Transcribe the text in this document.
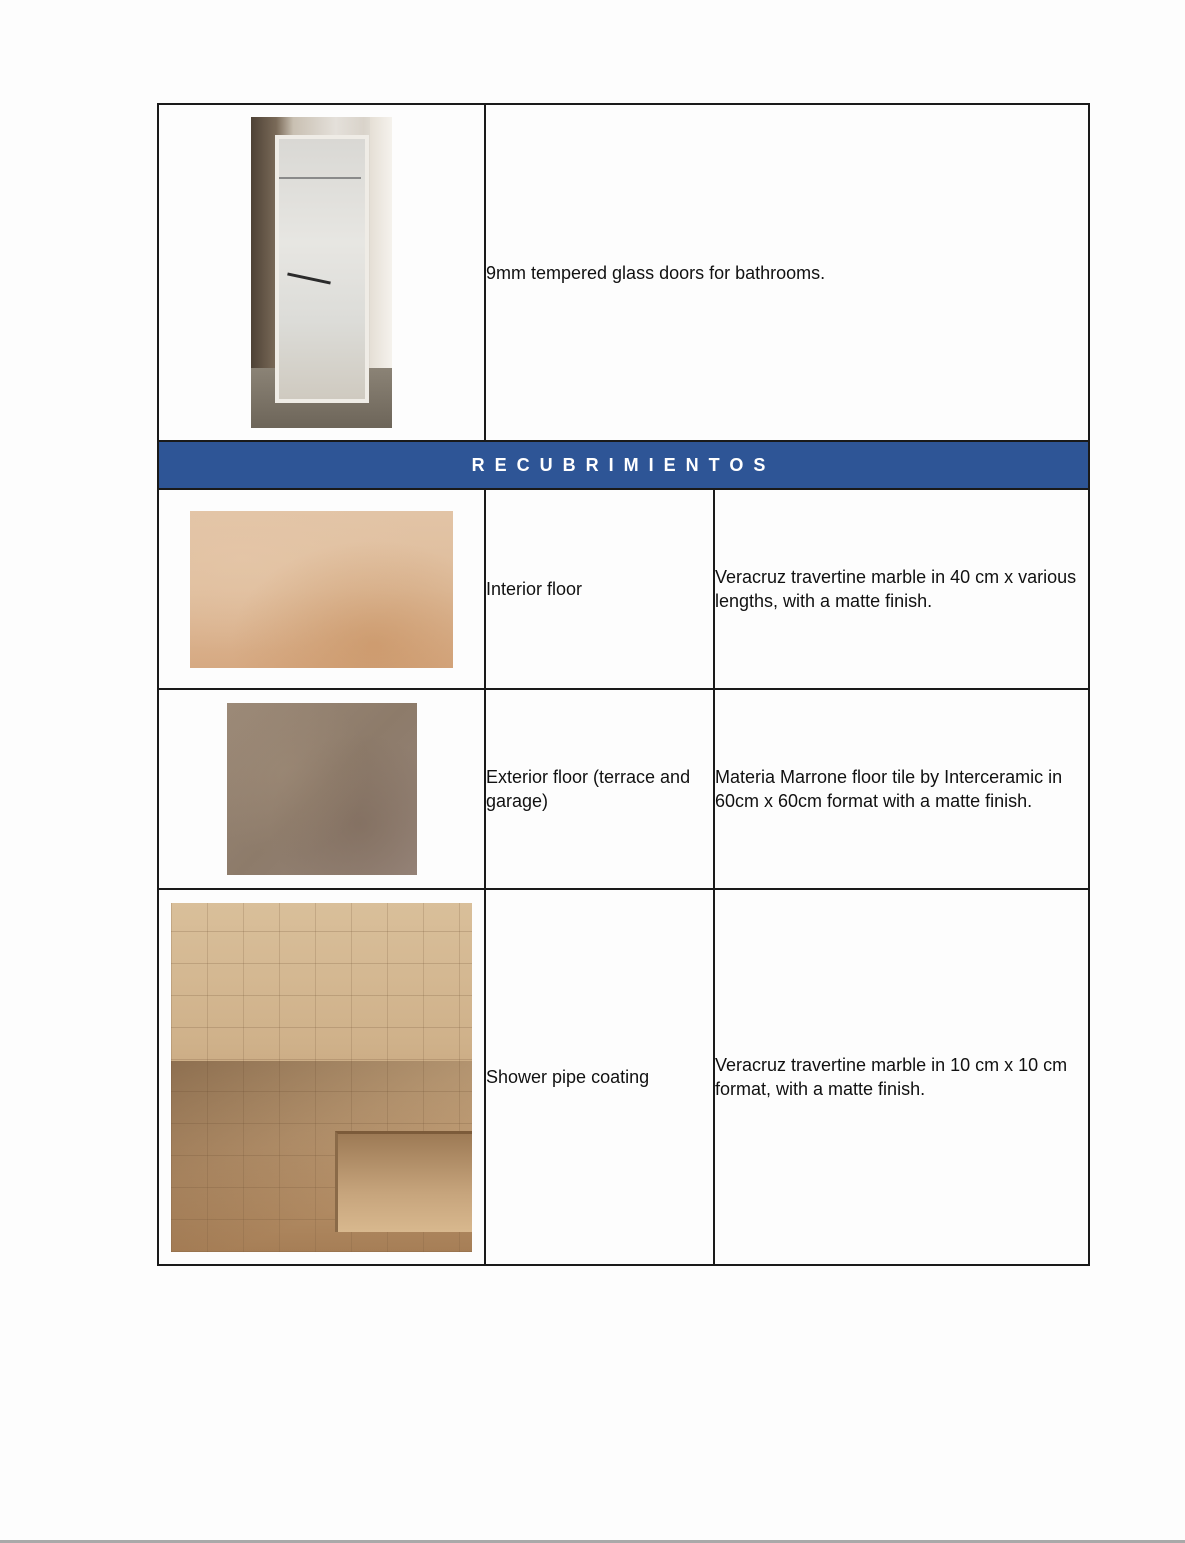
	9mm tempered glass doors for bathrooms.	
RECUBRIMIENTOS		

	Interior floor	Veracruz travertine marble in 40 cm x various lengths, with a matte finish.

	Exterior floor (terrace and garage)	Materia Marrone floor tile by Interceramic in 60cm x 60cm format with a matte finish.

	Shower pipe coating	Veracruz travertine marble in 10 cm x 10 cm format, with a matte finish.
